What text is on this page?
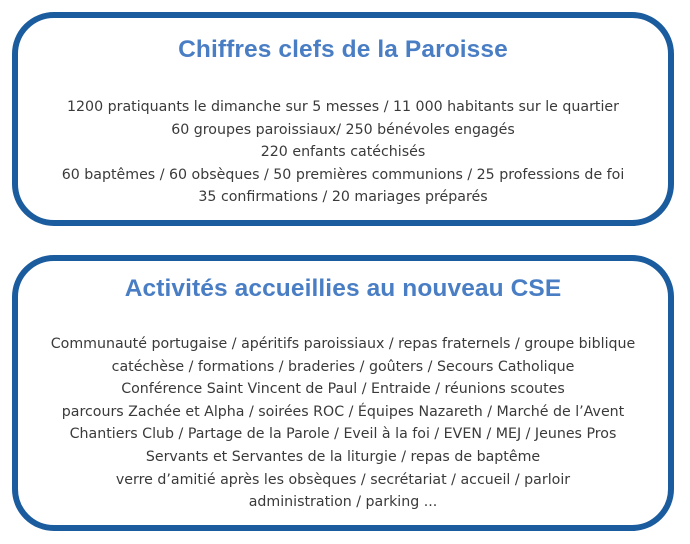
Chiffres clefs de la Paroisse
1200 pratiquants le dimanche sur 5 messes / 11 000 habitants sur le quartier
60 groupes paroissiaux/ 250 bénévoles engagés
220 enfants catéchisés
60 baptêmes / 60 obsèques / 50 premières communions / 25 professions de foi
35 confirmations / 20 mariages préparés
Activités accueillies au nouveau CSE
Communauté portugaise / apéritifs paroissiaux / repas fraternels / groupe biblique
catéchèse / formations / braderies / goûters / Secours Catholique
Conférence Saint Vincent de Paul / Entraide / réunions scoutes
parcours Zachée et Alpha / soirées ROC / Équipes Nazareth / Marché de l’Avent
Chantiers Club / Partage de la Parole / Eveil à la foi / EVEN / MEJ / Jeunes Pros
Servants et Servantes de la liturgie / repas de baptême
verre d’amitié après les obsèques / secrétariat / accueil / parloir
administration / parking ...
